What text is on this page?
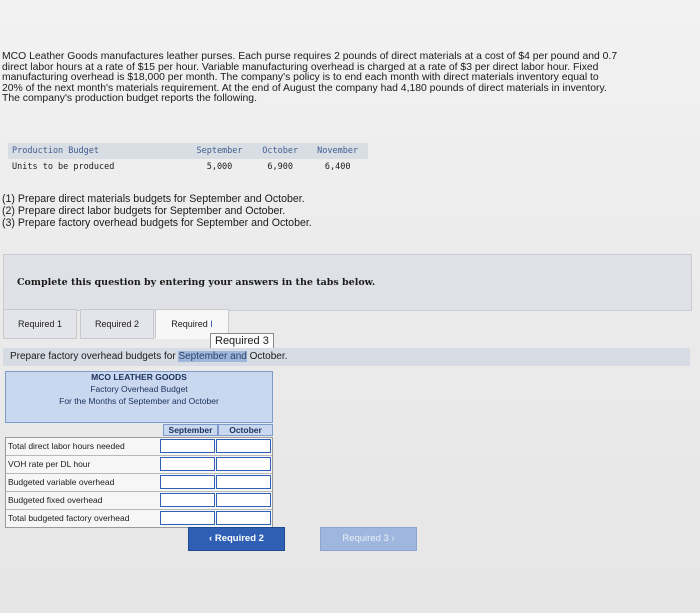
MCO Leather Goods manufactures leather purses. Each purse requires 2 pounds of direct materials at a cost of $4 per pound and 0.7

direct labor hours at a rate of $15 per hour. Variable manufacturing overhead is charged at a rate of $3 per direct labor hour. Fixed

manufacturing overhead is $18,000 per month. The company's policy is to end each month with direct materials inventory equal to

20% of the next month's materials requirement. At the end of August the company had 4,180 pounds of direct materials in inventory.

The company's production budget reports the following.

Production Budget	September	October	November
Units to be produced	5,000	6,900	6,400

(1) Prepare direct materials budgets for September and October.

(2) Prepare direct labor budgets for September and October.

(3) Prepare factory overhead budgets for September and October.

Complete this question by entering your answers in the tabs below.
Required 1	Required 2	Required I
Required 3
Prepare factory overhead budgets for September and October.
MCO LEATHER GOODS
Factory Overhead Budget
For the Months of September and October
September	October
Total direct labor hours needed
VOH rate per DL hour
Budgeted variable overhead
Budgeted fixed overhead
Total budgeted factory overhead
‹ Required 2	Required 3 ›
